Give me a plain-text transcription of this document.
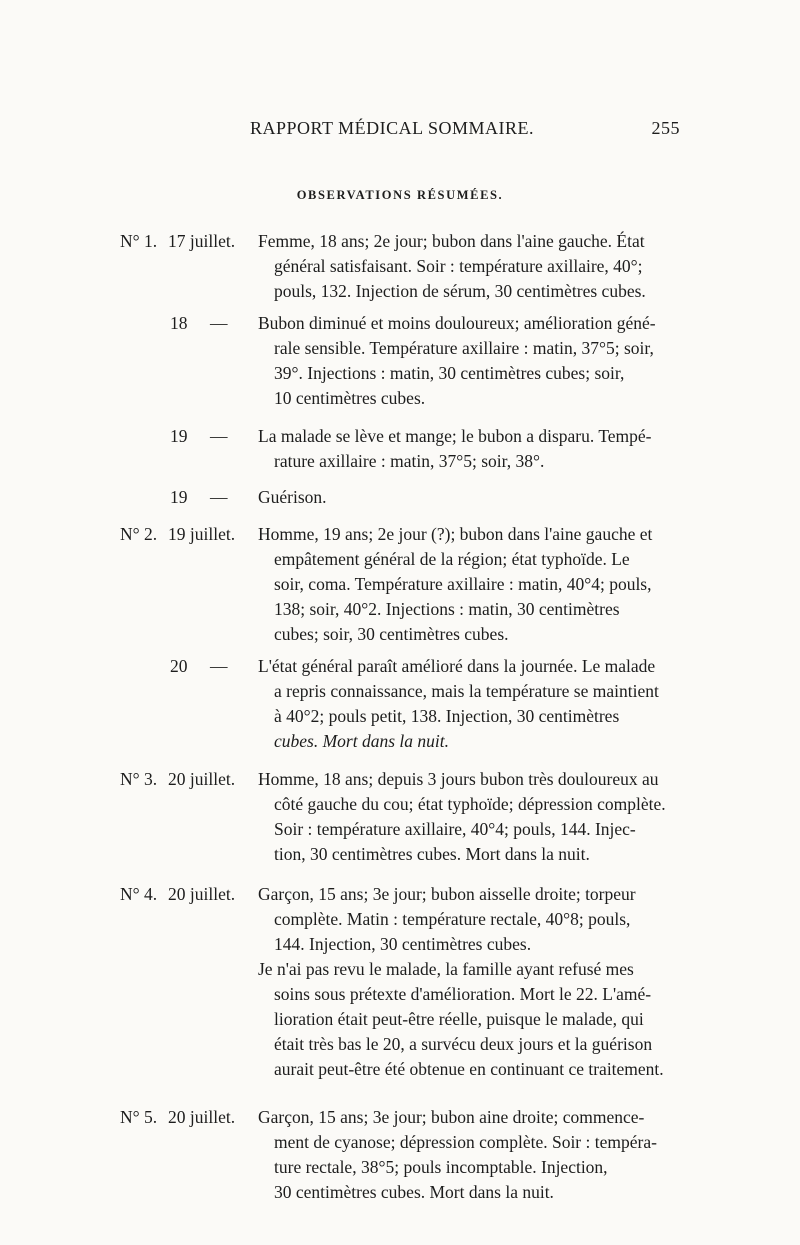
RAPPORT MÉDICAL SOMMAIRE.	255
OBSERVATIONS RÉSUMÉES.
N° 1. 17 juillet. Femme, 18 ans; 2e jour; bubon dans l'aine gauche. État
général satisfaisant. Soir : température axillaire, 40°;
pouls, 132. Injection de sérum, 30 centimètres cubes.
18 — Bubon diminué et moins douloureux; amélioration géné-
rale sensible. Température axillaire : matin, 37°5; soir,
39°. Injections : matin, 30 centimètres cubes; soir,
10 centimètres cubes.
19 — La malade se lève et mange; le bubon a disparu. Tempé-
rature axillaire : matin, 37°5; soir, 38°.
19 — Guérison.
N° 2. 19 juillet. Homme, 19 ans; 2e jour (?); bubon dans l'aine gauche et
empâtement général de la région; état typhoïde. Le
soir, coma. Température axillaire : matin, 40°4; pouls,
138; soir, 40°2. Injections : matin, 30 centimètres
cubes; soir, 30 centimètres cubes.
20 — L'état général paraît amélioré dans la journée. Le malade
a repris connaissance, mais la température se maintient
à 40°2; pouls petit, 138. Injection, 30 centimètres
cubes. Mort dans la nuit.
N° 3. 20 juillet. Homme, 18 ans; depuis 3 jours bubon très douloureux au
côté gauche du cou; état typhoïde; dépression complète.
Soir : température axillaire, 40°4; pouls, 144. Injec-
tion, 30 centimètres cubes. Mort dans la nuit.
N° 4. 20 juillet. Garçon, 15 ans; 3e jour; bubon aisselle droite; torpeur
complète. Matin : température rectale, 40°8; pouls,
144. Injection, 30 centimètres cubes.
Je n'ai pas revu le malade, la famille ayant refusé mes
soins sous prétexte d'amélioration. Mort le 22. L'amé-
lioration était peut-être réelle, puisque le malade, qui
était très bas le 20, a survécu deux jours et la guérison
aurait peut-être été obtenue en continuant ce traitement.
N° 5. 20 juillet. Garçon, 15 ans; 3e jour; bubon aine droite; commence-
ment de cyanose; dépression complète. Soir : tempéra-
ture rectale, 38°5; pouls incomptable. Injection,
30 centimètres cubes. Mort dans la nuit.
